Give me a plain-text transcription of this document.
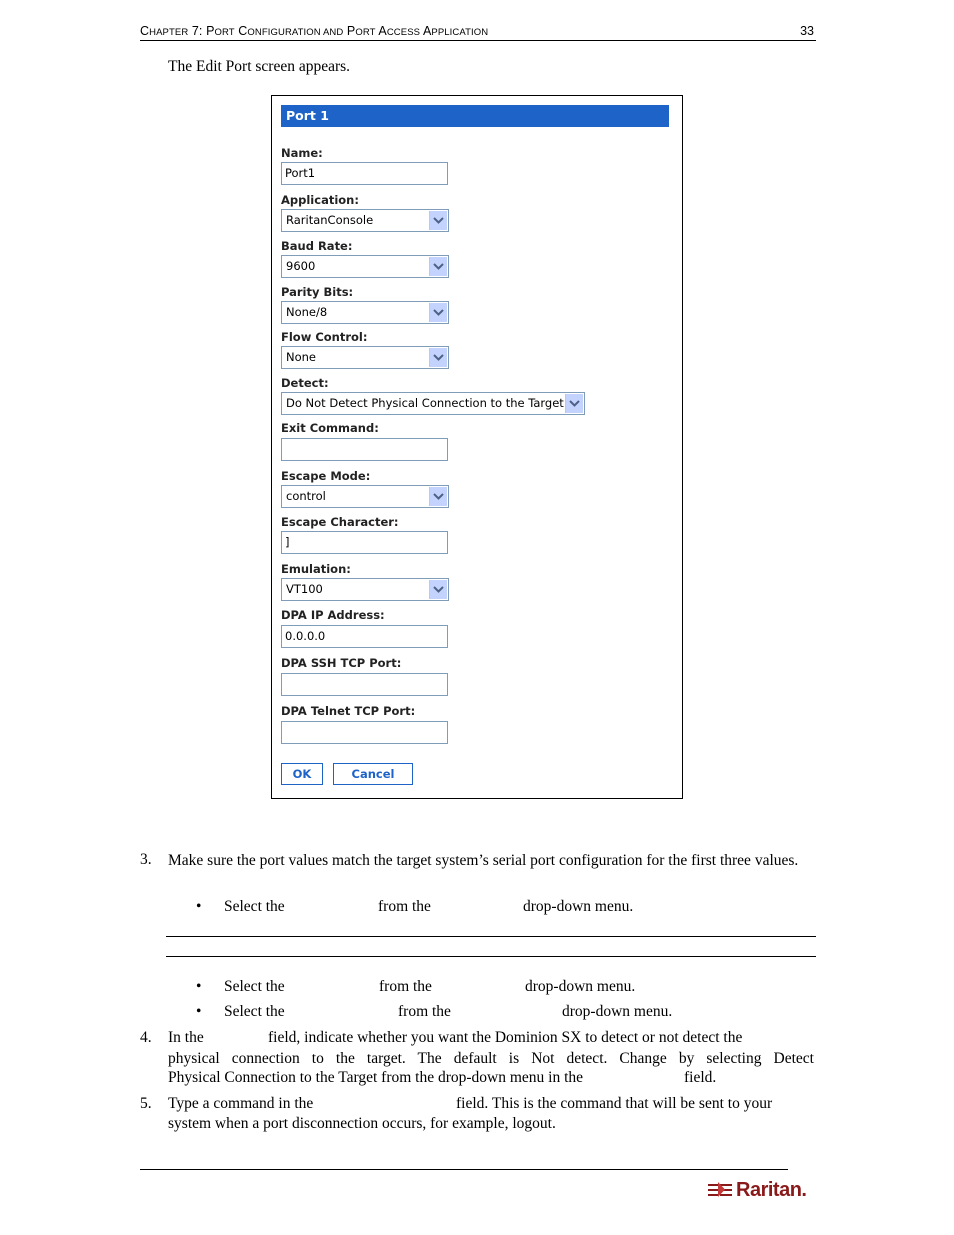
CHAPTER 7: PORT CONFIGURATION AND PORT ACCESS APPLICATION	33
The Edit Port screen appears.
Port 1
Name:
Port1
Application:
RaritanConsole
Baud Rate:
9600
Parity Bits:
None/8
Flow Control:
None
Detect:
Do Not Detect Physical Connection to the Target
Exit Command:
Escape Mode:
control
Escape Character:
]
Emulation:
VT100
DPA IP Address:
0.0.0.0
DPA SSH TCP Port:
DPA Telnet TCP Port:
OK	Cancel
3. Make sure the port values match the target system’s serial port configuration for the first three values.
• Select the	from the	drop-down menu.
• Select the	from the	drop-down menu.
• Select the	from the	drop-down menu.
4. In the	field, indicate whether you want the Dominion SX to detect or not detect the
physical connection to the target. The default is Not detect. Change by selecting Detect
Physical Connection to the Target from the drop-down menu in the	field.
5. Type a command in the	field. This is the command that will be sent to your
system when a port disconnection occurs, for example, logout.
Raritan.
